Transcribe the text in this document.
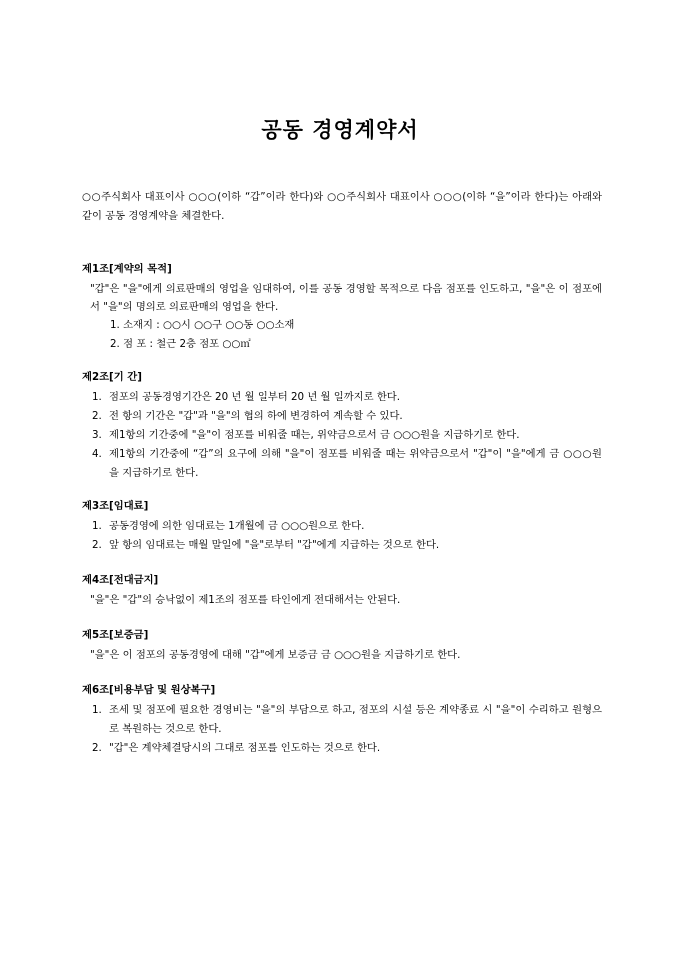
공동 경영계약서
○○주식회사 대표이사 ○○○(이하 “갑”이라 한다)와 ○○주식회사 대표이사 ○○○(이하 “을”이라 한다)는 아래와 같이 공동 경영계약을 체결한다.
제1조[계약의 목적]
"갑"은 "을"에게 의료판매의 영업을 임대하여, 이를 공동 경영할 목적으로 다음 점포를 인도하고, "을"은 이 점포에서 "을"의 명의로 의료판매의 영업을 한다.
1. 소재지 : ○○시 ○○구 ○○동 ○○소재
2. 점 포 : 철근 2층 점포 ○○㎡
제2조[기 간]
1. 점포의 공동경영기간은 20 년 월 일부터 20 년 월 일까지로 한다.
2. 전 항의 기간은 "갑"과 "을"의 협의 하에 변경하여 계속할 수 있다.
3. 제1항의 기간중에 "을"이 점포를 비워줄 때는, 위약금으로서 금 ○○○원을 지급하기로 한다.
4. 제1항의 기간중에 “갑”의 요구에 의해 "을"이 점포를 비워줄 때는 위약금으로서 "갑"이 "을"에게 금 ○○○원을 지급하기로 한다.
제3조[임대료]
1. 공동경영에 의한 임대료는 1개월에 금 ○○○원으로 한다.
2. 앞 항의 임대료는 매월 말일에 "을"로부터 "갑"에게 지급하는 것으로 한다.
제4조[전대금지]
"을"은 "갑"의 승낙없이 제1조의 점포를 타인에게 전대해서는 안된다.
제5조[보증금]
"을"은 이 점포의 공동경영에 대해 "갑"에게 보증금 금 ○○○원을 지급하기로 한다.
제6조[비용부담 및 원상복구]
1. 조세 및 점포에 필요한 경영비는 "을"의 부담으로 하고, 점포의 시설 등은 계약종료 시 "을"이 수리하고 원형으로 복원하는 것으로 한다.
2. "갑"은 계약체결당시의 그대로 점포를 인도하는 것으로 한다.
